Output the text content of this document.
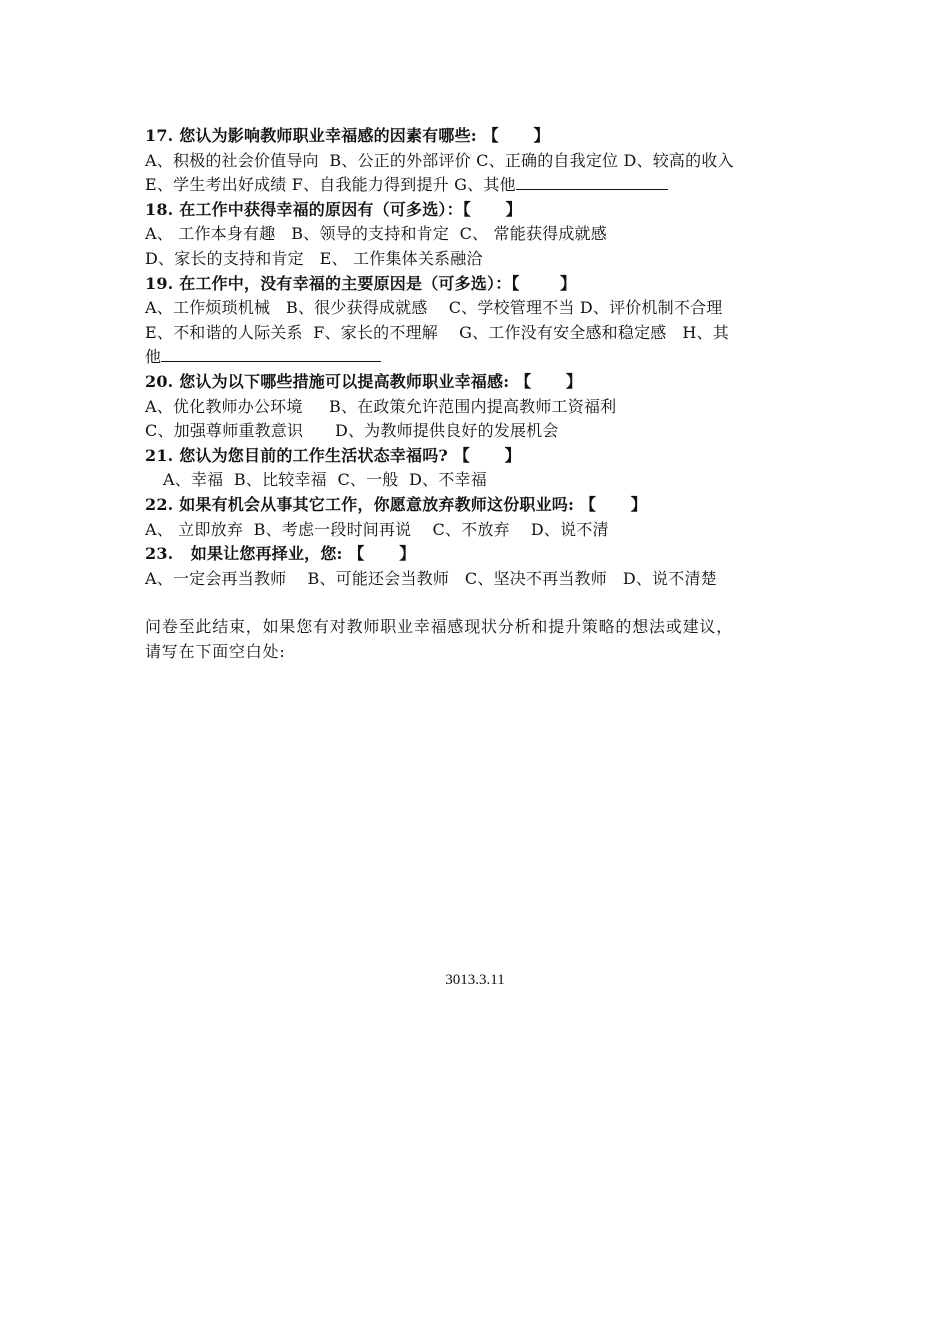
17. 您认为影响教师职业幸福感的因素有哪些: 【      】
A、积极的社会价值导向  B、公正的外部评价 C、正确的自我定位 D、较高的收入
E、学生考出好成绩 F、自我能力得到提升 G、其他
18. 在工作中获得幸福的原因有（可多选）：【      】
A、 工作本身有趣   B、领导的支持和肯定  C、 常能获得成就感
D、家长的支持和肯定   E、 工作集体关系融洽
19. 在工作中，没有幸福的主要原因是（可多选）：【       】
A、工作烦琐机械   B、很少获得成就感    C、学校管理不当 D、评价机制不合理
E、不和谐的人际关系  F、家长的不理解    G、工作没有安全感和稳定感   H、其
他
20. 您认为以下哪些措施可以提高教师职业幸福感: 【      】
A、优化教师办公环境     B、在政策允许范围内提高教师工资福利
C、加强尊师重教意识      D、为教师提供良好的发展机会
21. 您认为您目前的工作生活状态幸福吗? 【      】
A、幸福  B、比较幸福  C、一般  D、不幸福
22. 如果有机会从事其它工作，你愿意放弃教师这份职业吗: 【      】
A、 立即放弃  B、考虑一段时间再说    C、不放弃    D、说不清
23.   如果让您再择业，您: 【      】
A、一定会再当教师    B、可能还会当教师   C、坚决不再当教师   D、说不清楚
问卷至此结束，如果您有对教师职业幸福感现状分析和提升策略的想法或建议，
请写在下面空白处:
3013.3.11
